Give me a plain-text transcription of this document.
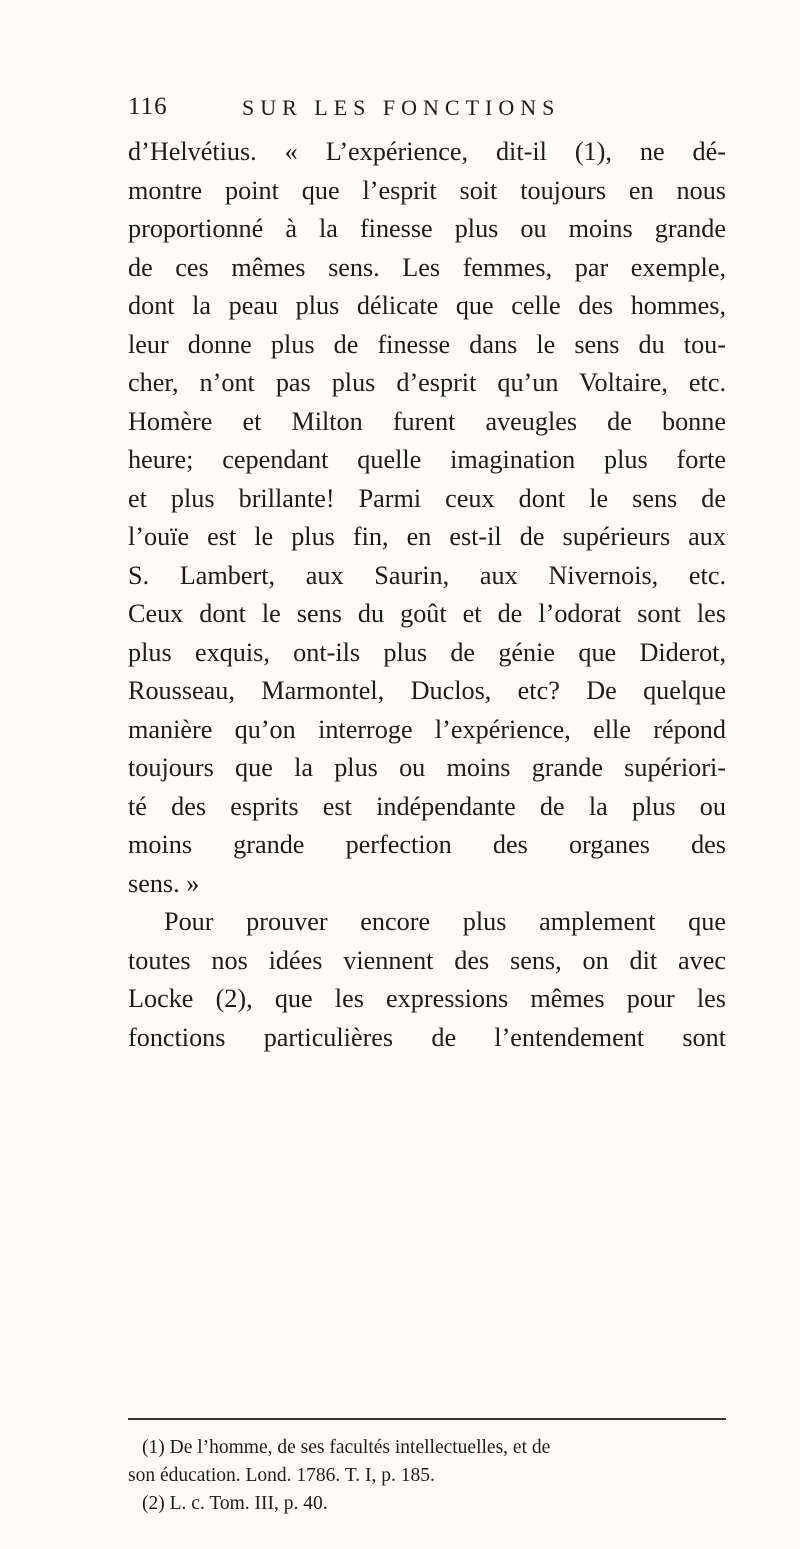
116	SUR LES FONCTIONS
d’Helvétius. « L’expérience, dit-il (1), ne dé-
montre point que l’esprit soit toujours en nous
proportionné à la finesse plus ou moins grande
de ces mêmes sens. Les femmes, par exemple,
dont la peau plus délicate que celle des hommes,
leur donne plus de finesse dans le sens du tou-
cher, n’ont pas plus d’esprit qu’un Voltaire, etc.
Homère et Milton furent aveugles de bonne
heure; cependant quelle imagination plus forte
et plus brillante! Parmi ceux dont le sens de
l’ouïe est le plus fin, en est-il de supérieurs aux
S. Lambert, aux Saurin, aux Nivernois, etc.
Ceux dont le sens du goût et de l’odorat sont les
plus exquis, ont-ils plus de génie que Diderot,
Rousseau, Marmontel, Duclos, etc? De quelque
manière qu’on interroge l’expérience, elle répond
toujours que la plus ou moins grande supériori-
té des esprits est indépendante de la plus ou
moins grande perfection des organes des
sens. »
Pour prouver encore plus amplement que
toutes nos idées viennent des sens, on dit avec
Locke (2), que les expressions mêmes pour les
fonctions particulières de l’entendement sont
(1) De l’homme, de ses facultés intellectuelles, et de
son éducation. Lond. 1786. T. I, p. 185.
(2) L. c. Tom. III, p. 40.
